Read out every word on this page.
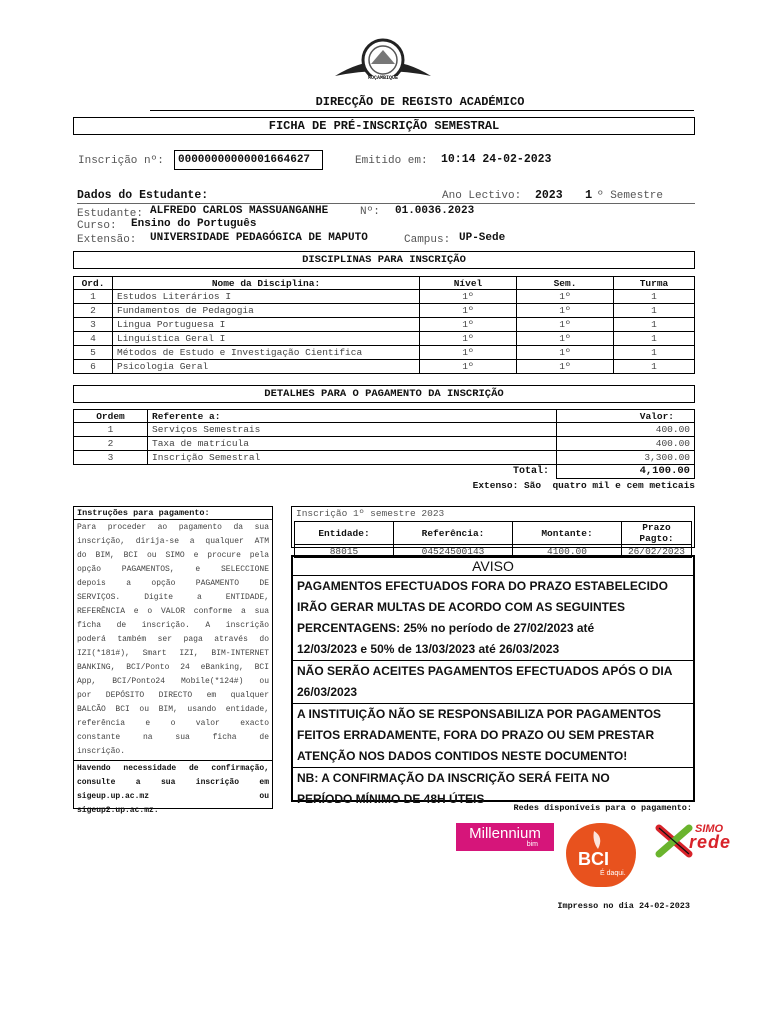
MOÇAMBIQUE
DIRECÇÃO DE REGISTO ACADÉMICO
FICHA DE PRÉ-INSCRIÇÃO SEMESTRAL
Inscrição nº:	00000000000001664627	Emitido em: 10:14 24-02-2023
Dados do Estudante:	Ano Lectivo: 2023 1 º Semestre
Estudante: ALFREDO CARLOS MASSUANGANHE	Nº: 01.0036.2023
Curso: Ensino do Português
Extensão: UNIVERSIDADE PEDAGÓGICA DE MAPUTO	Campus: UP-Sede
DISCIPLINAS PARA INSCRIÇÃO
Ord.	Nome da Disciplina:	Nível	Sem.	Turma
1	Estudos Literários I	1º	1º	1
2	Fundamentos de Pedagogia	1º	1º	1
3	Lingua Portuguesa I	1º	1º	1
4	Linguística Geral I	1º	1º	1
5	Métodos de Estudo e Investigação Cientifica	1º	1º	1
6	Psicologia Geral	1º	1º	1
DETALHES PARA O PAGAMENTO DA INSCRIÇÃO
Ordem	Referente a:	Valor:
1	Serviços Semestrais	400.00
2	Taxa de matrícula	400.00
3	Inscrição Semestral	3,300.00
Total:	4,100.00
Extenso: São  quatro mil e cem meticais
Instruções para pagamento:
Para proceder ao pagamento da sua
inscrição, dirija-se a qualquer ATM
do BIM, BCI ou SIMO e procure pela
opção PAGAMENTOS, e SELECCIONE
depois a opção PAGAMENTO DE
SERVIÇOS. Digite a ENTIDADE,
REFERÊNCIA e o VALOR conforme a sua
ficha de inscrição. A inscrição
poderá também ser paga através do
IZI(*181#), Smart IZI, BIM-INTERNET
BANKING, BCI/Ponto 24 eBanking, BCI
App, BCI/Ponto24 Mobile(*124#) ou
por DEPÓSITO DIRECTO em qualquer
BALCÃO BCI ou BIM, usando entidade,
referência e o valor exacto
constante na sua ficha de
inscrição.
Havendo necessidade de confirmação,
consulte a sua inscrição em
sigeup.up.ac.mz ou
sigeup2.up.ac.mz.
Inscrição 1º semestre 2023
Entidade:	Referência:	Montante:	Prazo Pagto:
88015	04524500143	4100.00	26/02/2023
AVISO
PAGAMENTOS EFECTUADOS FORA DO PRAZO ESTABELECIDO
IRÃO GERAR MULTAS DE ACORDO COM AS SEGUINTES
PERCENTAGENS: 25% no período de 27/02/2023 até
12/03/2023 e 50% de 13/03/2023 até 26/03/2023
NÃO SERÃO ACEITES PAGAMENTOS EFECTUADOS APÓS O DIA
26/03/2023
A INSTITUIÇÃO NÃO SE RESPONSABILIZA POR PAGAMENTOS
FEITOS ERRADAMENTE, FORA DO PRAZO OU SEM PRESTAR
ATENÇÃO NOS DADOS CONTIDOS NESTE DOCUMENTO!
NB: A CONFIRMAÇÃO DA INSCRIÇÃO SERÁ FEITA NO
PERÍODO MÍNIMO DE 48H ÚTEIS
Redes disponíveis para o pagamento:
Millennium
bim
BCI
É daqui.
SIMO
rede
Impresso no dia 24-02-2023
